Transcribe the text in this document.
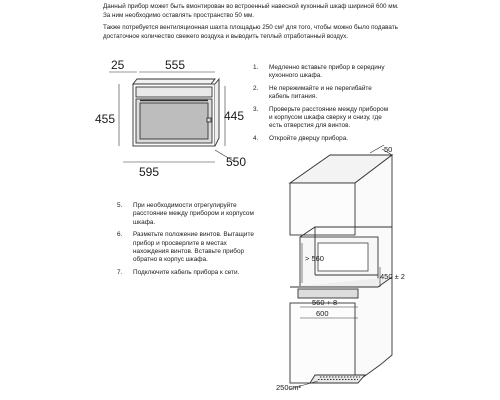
Данный прибор может быть вмонтирован во встроенный навесной кухонный шкаф шириной 600 мм. За ним необходимо оставлять пространство 50 мм.

Также потребуется вентиляционная шахта площадью 250 см² для того, чтобы можно было подавать достаточное количество свежего воздуха и выводить теплый отработанный воздух.

25	555
455	445
595
550
1. Медленно вставьте прибор в середину кухонного шкафа.
2. Не пережимайте и не перегибайте кабель питания.
3. Проверьте расстояние между прибором и корпусом шкафа сверху и снизу, где есть отверстия для винтов.
4. Откройте дверцу прибора.
5. При необходимости отрегулируйте расстояние между прибором и корпусом шкафа.
6. Разметьте положение винтов. Вытащите прибор и просверлите в местах нахождения винтов. Вставьте прибор обратно в корпус шкафа.
7. Подключите кабель прибора к сети.
50
> 560
450 ± 2
560 + 8
600
250cm²
